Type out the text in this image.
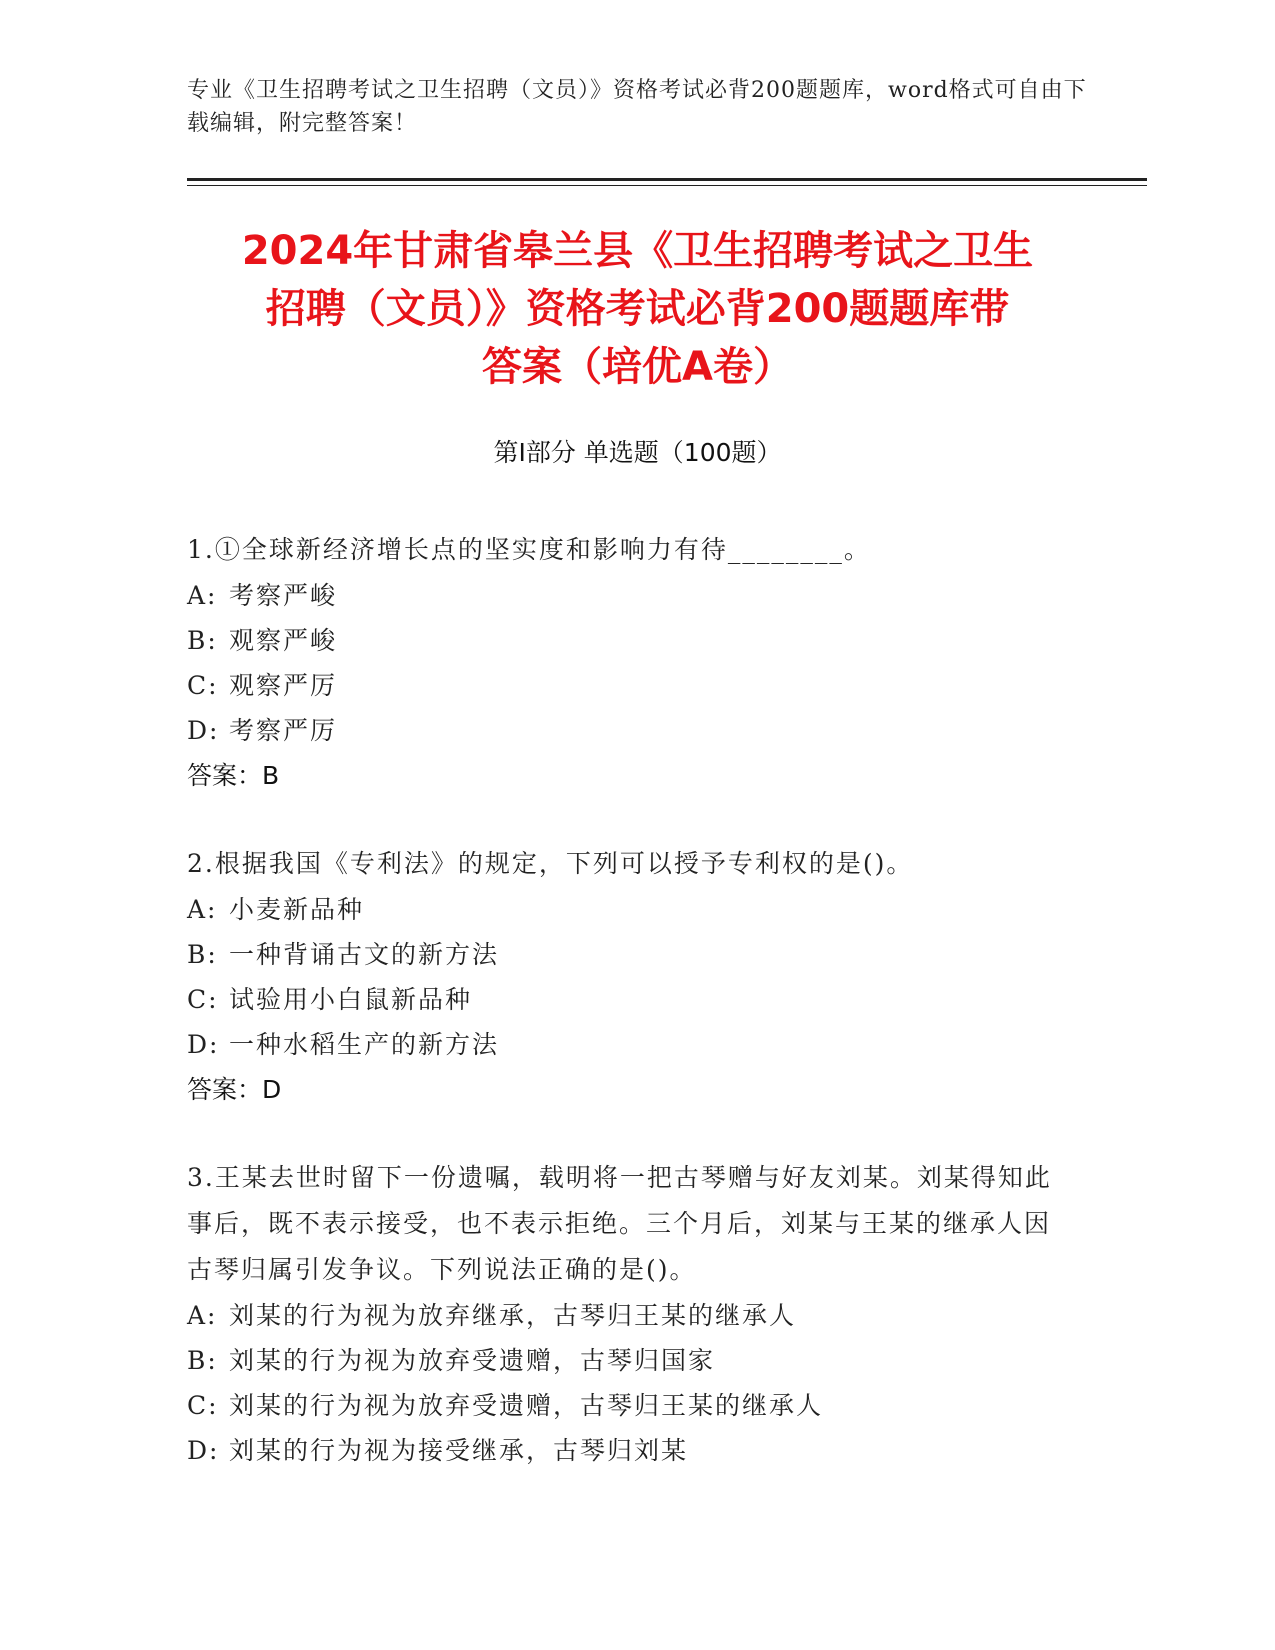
专业《卫生招聘考试之卫生招聘（文员）》资格考试必背200题题库，word格式可自由下载编辑，附完整答案！
2024年甘肃省皋兰县《卫生招聘考试之卫生
招聘（文员）》资格考试必背200题题库带
答案（培优A卷）
第Ⅰ部分 单选题（100题）
1.①全球新经济增长点的坚实度和影响力有待________。
A: 考察严峻
B: 观察严峻
C: 观察严厉
D: 考察严厉
答案：B
2.根据我国《专利法》的规定，下列可以授予专利权的是()。
A: 小麦新品种
B: 一种背诵古文的新方法
C: 试验用小白鼠新品种
D: 一种水稻生产的新方法
答案：D
3.王某去世时留下一份遗嘱，载明将一把古琴赠与好友刘某。刘某得知此事后，既不表示接受，也不表示拒绝。三个月后，刘某与王某的继承人因古琴归属引发争议。下列说法正确的是()。
A: 刘某的行为视为放弃继承，古琴归王某的继承人
B: 刘某的行为视为放弃受遗赠，古琴归国家
C: 刘某的行为视为放弃受遗赠，古琴归王某的继承人
D: 刘某的行为视为接受继承，古琴归刘某
